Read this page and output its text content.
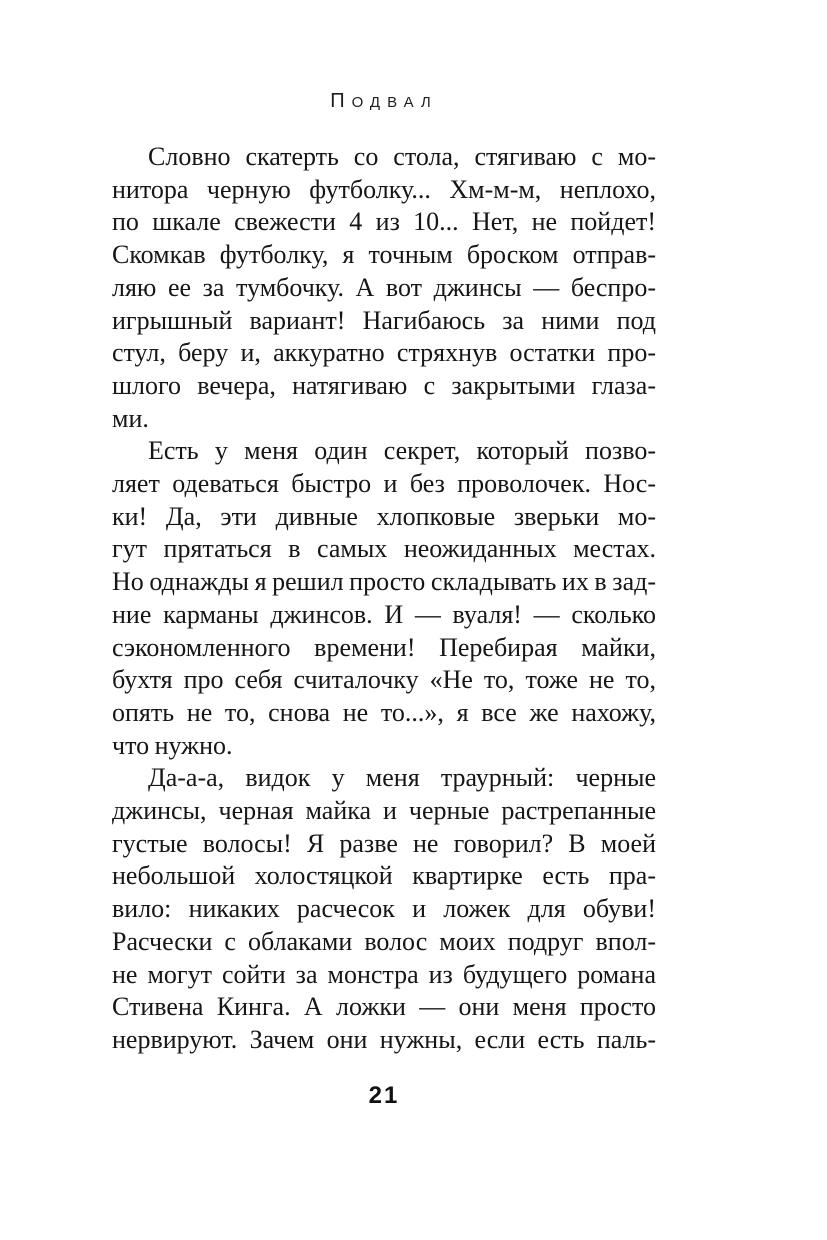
ПОДВАЛ
Словно скатерть со стола, стягиваю с мо-
нитора черную футболку... Хм-м-м, неплохо,
по шкале свежести 4 из 10... Нет, не пойдет!
Скомкав футболку, я точным броском отправ-
ляю ее за тумбочку. А вот джинсы — беспро-
игрышный вариант! Нагибаюсь за ними под
стул, беру и, аккуратно стряхнув остатки про-
шлого вечера, натягиваю с закрытыми глаза-
ми.
Есть у меня один секрет, который позво-
ляет одеваться быстро и без проволочек. Нос-
ки! Да, эти дивные хлопковые зверьки мо-
гут прятаться в самых неожиданных местах.
Но однажды я решил просто складывать их в зад-
ние карманы джинсов. И — вуаля! — сколько
сэкономленного времени! Перебирая майки,
бухтя про себя считалочку «Не то, тоже не то,
опять не то, снова не то...», я все же нахожу,
что нужно.
Да-а-а, видок у меня траурный: черные
джинсы, черная майка и черные растрепанные
густые волосы! Я разве не говорил? В моей
небольшой холостяцкой квартирке есть пра-
вило: никаких расчесок и ложек для обуви!
Расчески с облаками волос моих подруг впол-
не могут сойти за монстра из будущего романа
Стивена Кинга. А ложки — они меня просто
нервируют. Зачем они нужны, если есть паль-
21
